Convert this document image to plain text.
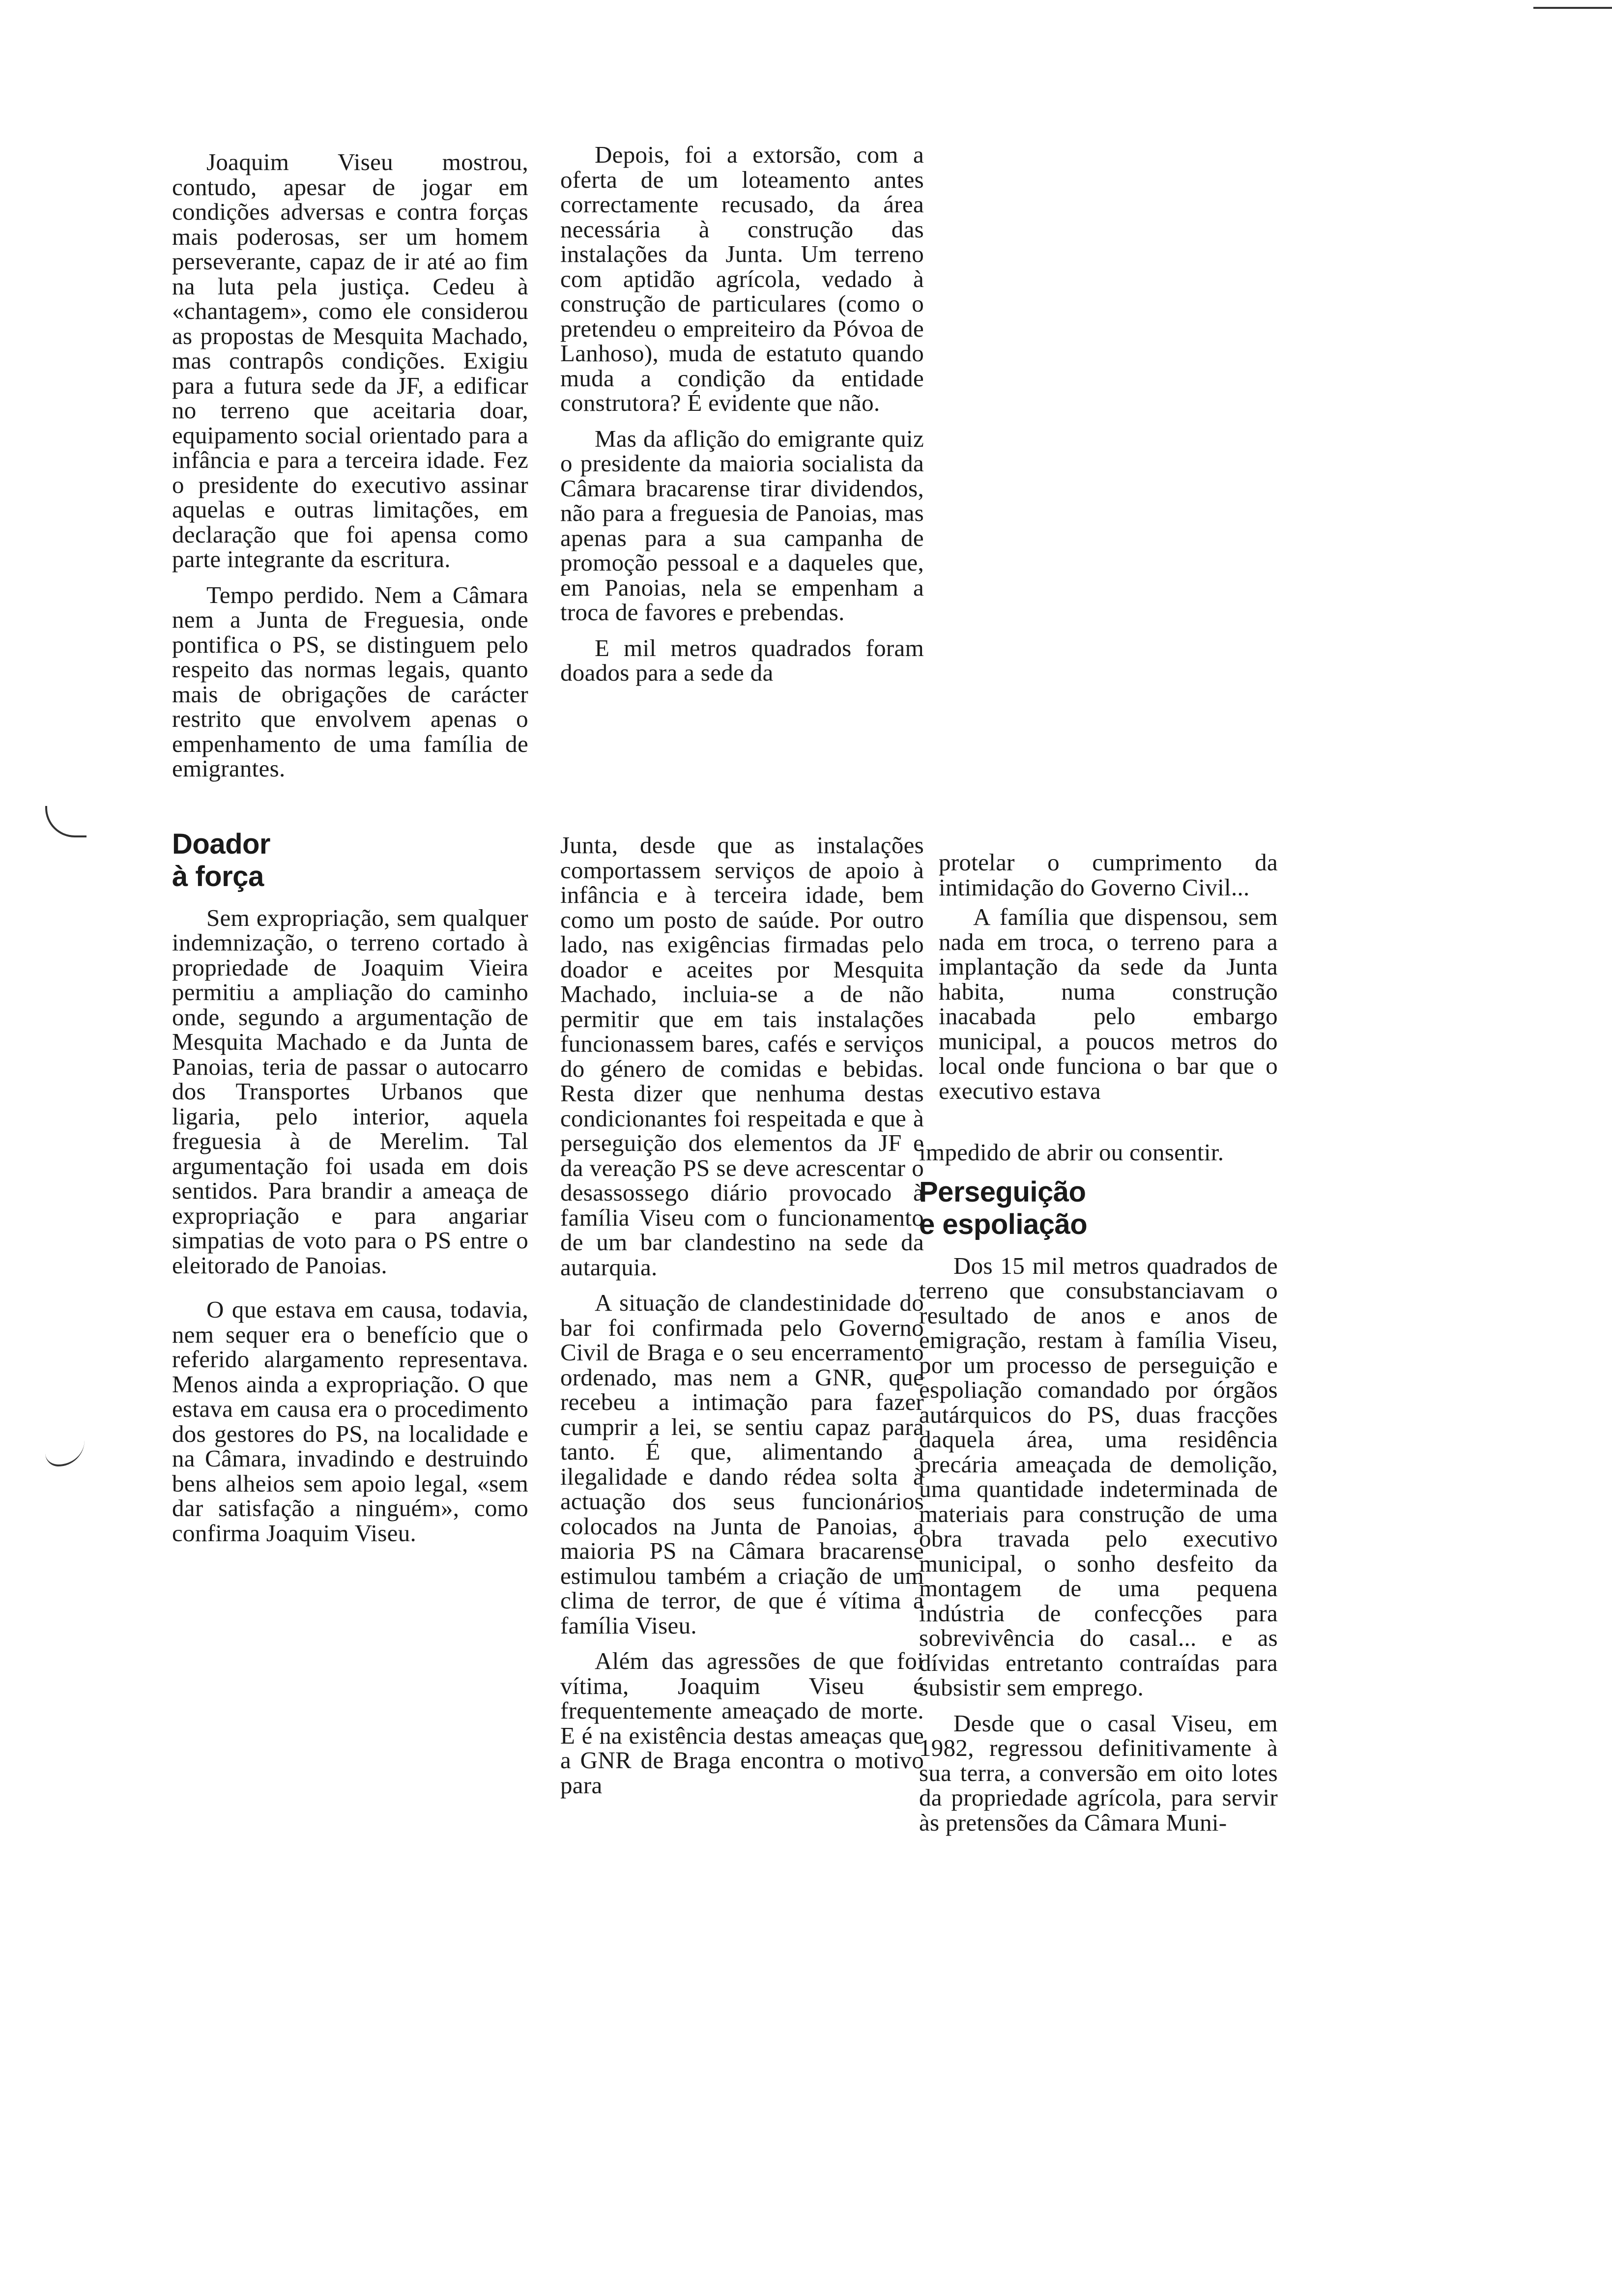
Joaquim Viseu mostrou, contudo, apesar de jogar em condições adversas e contra forças mais poderosas, ser um homem perseverante, capaz de ir até ao fim na luta pela justiça. Cedeu à «chantagem», como ele considerou as propostas de Mesquita Machado, mas contrapôs condições. Exigiu para a futura sede da JF, a edificar no terreno que aceitaria doar, equipamento social orientado para a infância e para a terceira idade. Fez o presidente do executivo assinar aquelas e outras limitações, em declaração que foi apensa como parte integrante da escritura.

Tempo perdido. Nem a Câmara nem a Junta de Freguesia, onde pontifica o PS, se distinguem pelo respeito das normas legais, quanto mais de obrigações de carácter restrito que envolvem apenas o empenhamento de uma família de emigrantes.

Doador
à força

Sem expropriação, sem qualquer indemnização, o terreno cortado à propriedade de Joaquim Vieira permitiu a ampliação do caminho onde, segundo a argumentação de Mesquita Machado e da Junta de Panoias, teria de passar o autocarro dos Transportes Urbanos que ligaria, pelo interior, aquela freguesia à de Merelim. Tal argumentação foi usada em dois sentidos. Para brandir a ameaça de expropriação e para angariar simpatias de voto para o PS entre o eleitorado de Panoias.

O que estava em causa, todavia, nem sequer era o benefício que o referido alargamento representava. Menos ainda a expropriação. O que estava em causa era o procedimento dos gestores do PS, na localidade e na Câmara, invadindo e destruindo bens alheios sem apoio legal, «sem dar satisfação a ninguém», como confirma Joaquim Viseu.

Depois, foi a extorsão, com a oferta de um loteamento antes correctamente recusado, da área necessária à construção das instalações da Junta. Um terreno com aptidão agrícola, vedado à construção de particulares (como o pretendeu o empreiteiro da Póvoa de Lanhoso), muda de estatuto quando muda a condição da entidade construtora? É evidente que não.

Mas da aflição do emigrante quiz o presidente da maioria socialista da Câmara bracarense tirar dividendos, não para a freguesia de Panoias, mas apenas para a sua campanha de promoção pessoal e a daqueles que, em Panoias, nela se empenham a troca de favores e prebendas.

E mil metros quadrados foram doados para a sede da

Junta, desde que as instalações comportassem serviços de apoio à infância e à terceira idade, bem como um posto de saúde. Por outro lado, nas exigências firmadas pelo doador e aceites por Mesquita Machado, incluia-se a de não permitir que em tais instalações funcionassem bares, cafés e serviços do género de comidas e bebidas. Resta dizer que nenhuma destas condicionantes foi respeitada e que à perseguição dos elementos da JF e da vereação PS se deve acrescentar o desassossego diário provocado à família Viseu com o funcionamento de um bar clandestino na sede da autarquia.

A situação de clandestinidade do bar foi confirmada pelo Governo Civil de Braga e o seu encerramento ordenado, mas nem a GNR, que recebeu a intimação para fazer cumprir a lei, se sentiu capaz para tanto. É que, alimentando a ilegalidade e dando rédea solta à actuação dos seus funcionários colocados na Junta de Panoias, a maioria PS na Câmara bracarense estimulou também a criação de um clima de terror, de que é vítima a família Viseu.

Além das agressões de que foi vítima, Joaquim Viseu é frequentemente ameaçado de morte. E é na existência destas ameaças que a GNR de Braga encontra o motivo para

protelar o cumprimento da intimidação do Governo Civil...

A família que dispensou, sem nada em troca, o terreno para a implantação da sede da Junta habita, numa construção inacabada pelo embargo municipal, a poucos metros do local onde funciona o bar que o executivo estava

impedido de abrir ou consentir.

Perseguição
e espoliação

Dos 15 mil metros quadrados de terreno que consubstanciavam o resultado de anos e anos de emigração, restam à família Viseu, por um processo de perseguição e espoliação comandado por órgãos autárquicos do PS, duas fracções daquela área, uma residência precária ameaçada de demolição, uma quantidade indeterminada de materiais para construção de uma obra travada pelo executivo municipal, o sonho desfeito da montagem de uma pequena indústria de confecções para sobrevivência do casal... e as dívidas entretanto contraídas para subsistir sem emprego.

Desde que o casal Viseu, em 1982, regressou definitivamente à sua terra, a conversão em oito lotes da propriedade agrícola, para servir às pretensões da Câmara Muni-
